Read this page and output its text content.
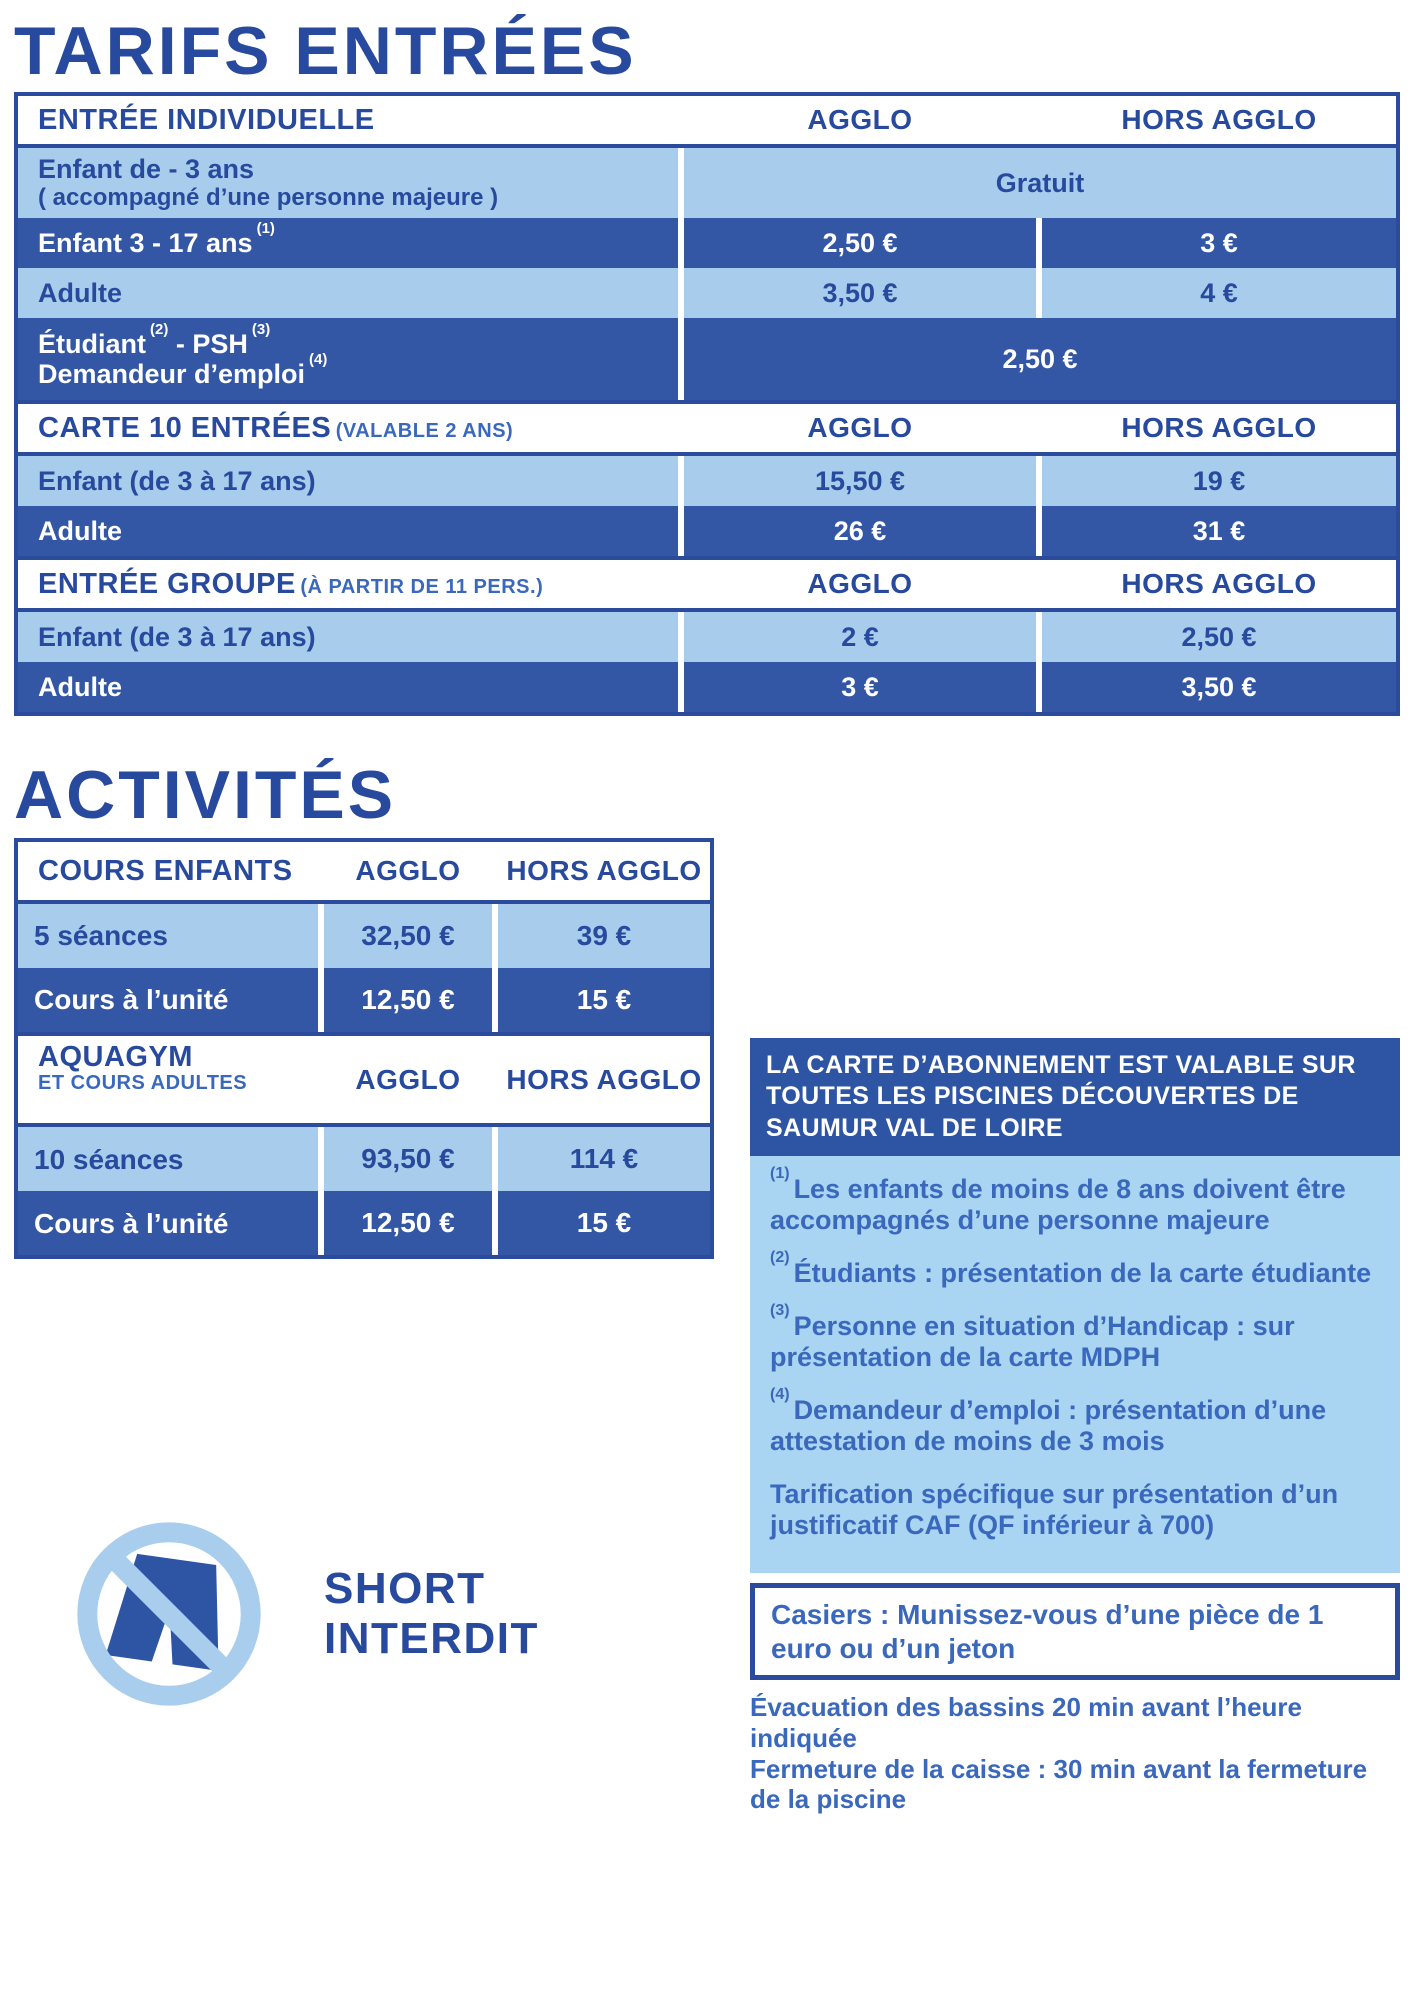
TARIFS ENTRÉES
ENTRÉE INDIVIDUELLE	AGGLO	HORS AGGLO
Enfant de - 3 ans
( accompagné d’une personne majeure )	Gratuit
Enfant 3 - 17 ans $^{(1)}$	2,50 €	3 €
Adulte	3,50 €	4 €
Étudiant $^{(2)}$ - PSH $^{(3)}$
Demandeur d’emploi $^{(4)}$	2,50 €
CARTE 10 ENTRÉES (VALABLE 2 ANS)	AGGLO	HORS AGGLO
Enfant (de 3 à 17 ans)	15,50 €	19 €
Adulte	26 €	31 €
ENTRÉE GROUPE (À PARTIR DE 11 PERS.)	AGGLO	HORS AGGLO
Enfant (de 3 à 17 ans)	2 €	2,50 €
Adulte	3 €	3,50 €
ACTIVITÉS
COURS ENFANTS	AGGLO	HORS AGGLO
5 séances	32,50 €	39 €
Cours à l’unité	12,50 €	15 €
AQUAGYM
ET COURS ADULTES	AGGLO	HORS AGGLO
10 séances	93,50 €	114 €
Cours à l’unité	12,50 €	15 €
SHORT INTERDIT
LA CARTE D’ABONNEMENT EST VALABLE SUR TOUTES LES PISCINES DÉCOUVERTES DE SAUMUR VAL DE LOIRE
$^{(1)}$Les enfants de moins de 8 ans doivent être accompagnés d’une personne majeure
$^{(2)}$Étudiants : présentation de la carte étudiante
$^{(3)}$Personne en situation d’Handicap : sur présentation de la carte MDPH
$^{(4)}$Demandeur d’emploi : présentation d’une attestation de moins de 3 mois
Tarification spécifique sur présentation d’un justificatif CAF (QF inférieur à 700)
Casiers : Munissez-vous d’une pièce de 1 euro ou d’un jeton
Évacuation des bassins 20 min avant l’heure indiquée
Fermeture de la caisse : 30 min avant la fermeture de la piscine
